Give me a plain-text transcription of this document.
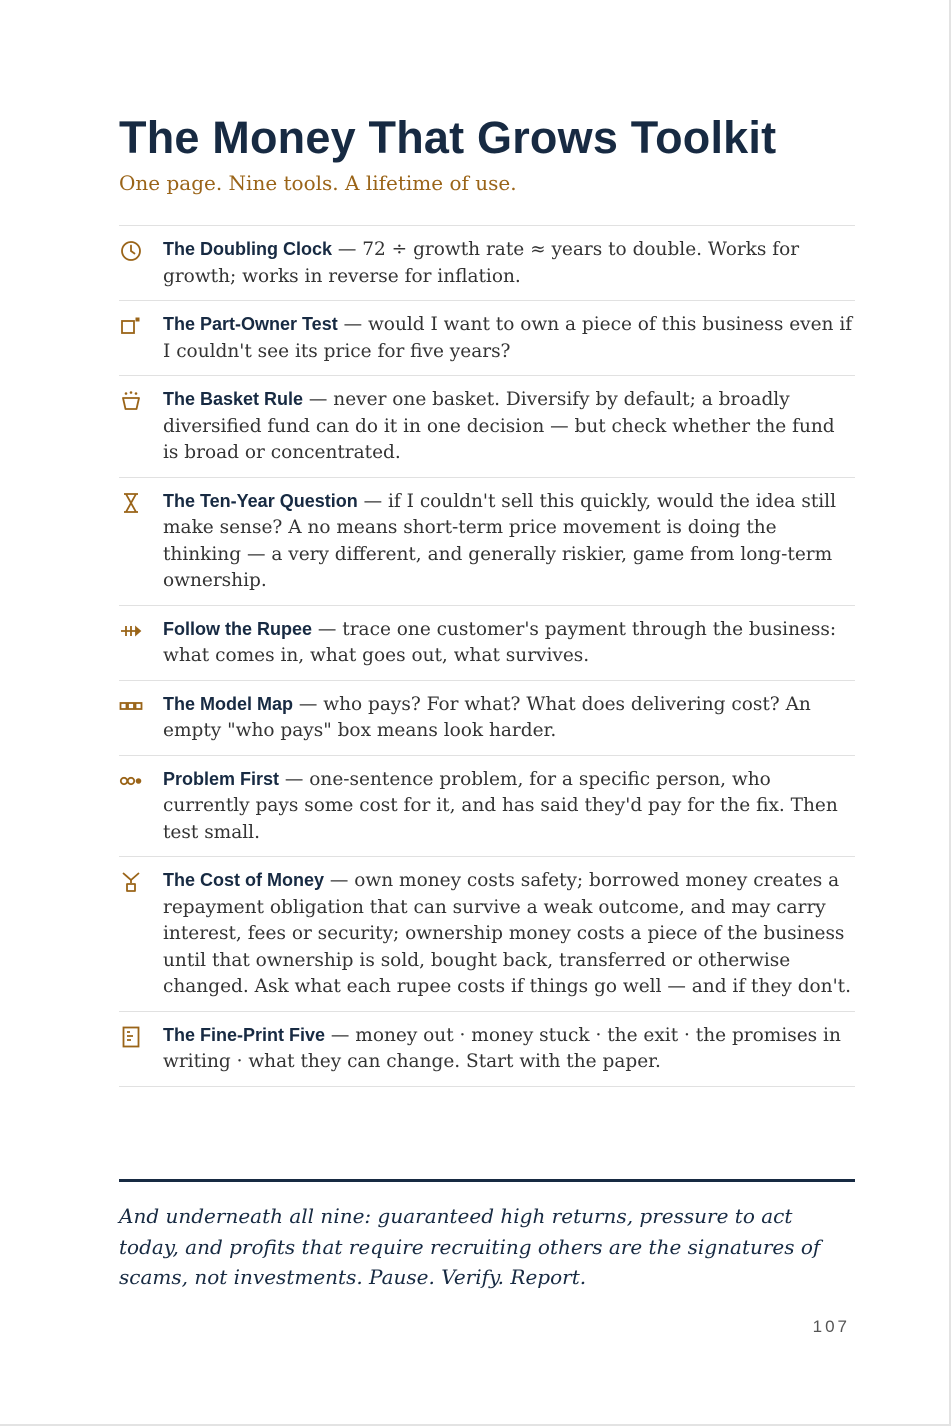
The Money That Grows Toolkit

One page. Nine tools. A lifetime of use.

The Doubling Clock — 72 ÷ growth rate ≈ years to double. Works for growth; works in reverse for inflation.
The Part-Owner Test — would I want to own a piece of this business even if I couldn't see its price for five years?
The Basket Rule — never one basket. Diversify by default; a broadly diversified fund can do it in one decision — but check whether the fund is broad or concentrated.
The Ten-Year Question — if I couldn't sell this quickly, would the idea still make sense? A no means short-term price movement is doing the thinking — a very different, and generally riskier, game from long-term ownership.
Follow the Rupee — trace one customer's payment through the business: what comes in, what goes out, what survives.
The Model Map — who pays? For what? What does delivering cost? An empty "who pays" box means look harder.
Problem First — one-sentence problem, for a specific person, who currently pays some cost for it, and has said they'd pay for the fix. Then test small.
The Cost of Money — own money costs safety; borrowed money creates a repayment obligation that can survive a weak outcome, and may carry interest, fees or security; ownership money costs a piece of the business until that ownership is sold, bought back, transferred or otherwise changed. Ask what each rupee costs if things go well — and if they don't.
The Fine-Print Five — money out · money stuck · the exit · the promises in writing · what they can change. Start with the paper.

And underneath all nine: guaranteed high returns, pressure to act today, and profits that require recruiting others are the signatures of scams, not investments. Pause. Verify. Report.

107
